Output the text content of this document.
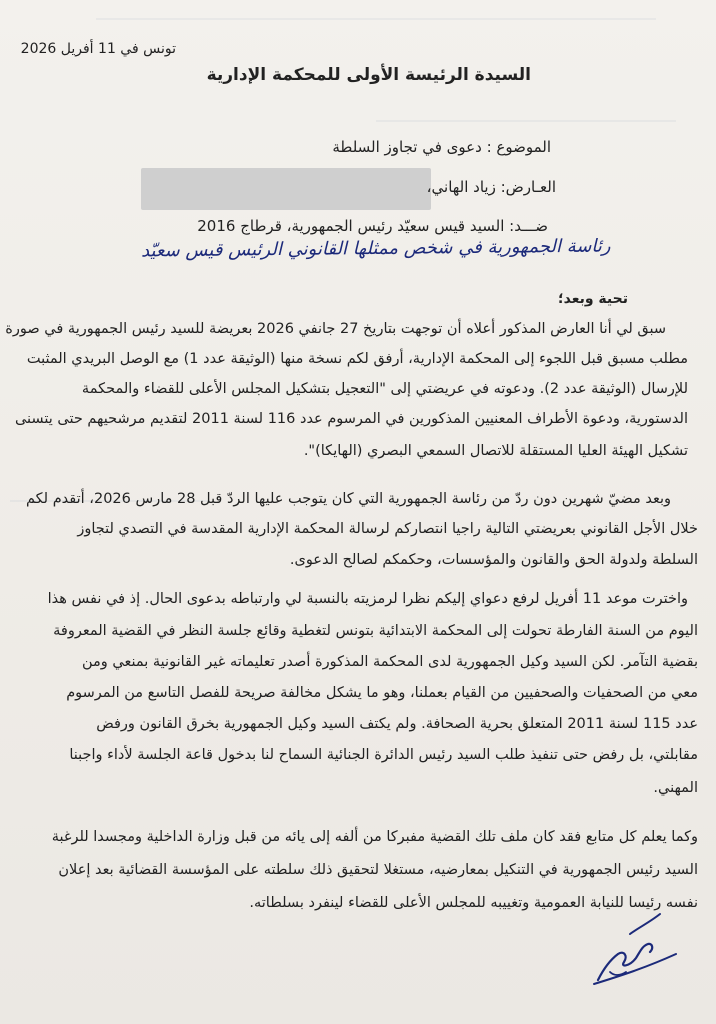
تونس في 11 أفريل 2026
السيدة الرئيسة الأولى للمحكمة الإدارية
الموضوع : دعوى في تجاوز السلطة
العـارض: زياد الهاني،
ضـــد: السيد قيس سعيّد رئيس الجمهورية، قرطاج 2016
رئاسة الجمهورية في شخص ممثلها القانوني الرئيس قيس سعيّد
تحية وبعد؛
سبق لي أنا العارض المذكور أعلاه أن توجهت بتاريخ 27 جانفي 2026 بعريضة للسيد رئيس الجمهورية في صورة
مطلب مسبق قبل اللجوء إلى المحكمة الإدارية، أرفق لكم نسخة منها (الوثيقة عدد 1) مع الوصل البريدي المثبت
للإرسال (الوثيقة عدد 2). ودعوته في عريضتي إلى "التعجيل بتشكيل المجلس الأعلى للقضاء والمحكمة
الدستورية، ودعوة الأطراف المعنيين المذكورين في المرسوم عدد 116 لسنة 2011 لتقديم مرشحيهم حتى يتسنى
تشكيل الهيئة العليا المستقلة للاتصال السمعي البصري (الهايكا)".
وبعد مضيّ شهرين دون ردّ من رئاسة الجمهورية التي كان يتوجب عليها الردّ قبل 28 مارس 2026، أتقدم لكم
خلال الأجل القانوني بعريضتي التالية راجيا انتصاركم لرسالة المحكمة الإدارية المقدسة في التصدي لتجاوز
السلطة ولدولة الحق والقانون والمؤسسات، وحكمكم لصالح الدعوى.
واخترت موعد 11 أفريل لرفع دعواي إليكم نظرا لرمزيته بالنسبة لي وارتباطه بدعوى الحال. إذ في نفس هذا
اليوم من السنة الفارطة تحولت إلى المحكمة الابتدائية بتونس لتغطية وقائع جلسة النظر في القضية المعروفة
بقضية التآمر. لكن السيد وكيل الجمهورية لدى المحكمة المذكورة أصدر تعليماته غير القانونية بمنعي ومن
معي من الصحفيات والصحفيين من القيام بعملنا، وهو ما يشكل مخالفة صريحة للفصل التاسع من المرسوم
عدد 115 لسنة 2011 المتعلق بحرية الصحافة. ولم يكتف السيد وكيل الجمهورية بخرق القانون ورفض
مقابلتي، بل رفض حتى تنفيذ طلب السيد رئيس الدائرة الجنائية السماح لنا بدخول قاعة الجلسة لأداء واجبنا
المهني.
وكما يعلم كل متابع فقد كان ملف تلك القضية مفبركا من ألفه إلى يائه من قبل وزارة الداخلية ومجسدا للرغبة
السيد رئيس الجمهورية في التنكيل بمعارضيه، مستغلا لتحقيق ذلك سلطته على المؤسسة القضائية بعد إعلان
نفسه رئيسا للنيابة العمومية وتغييبه للمجلس الأعلى للقضاء لينفرد بسلطاته.
